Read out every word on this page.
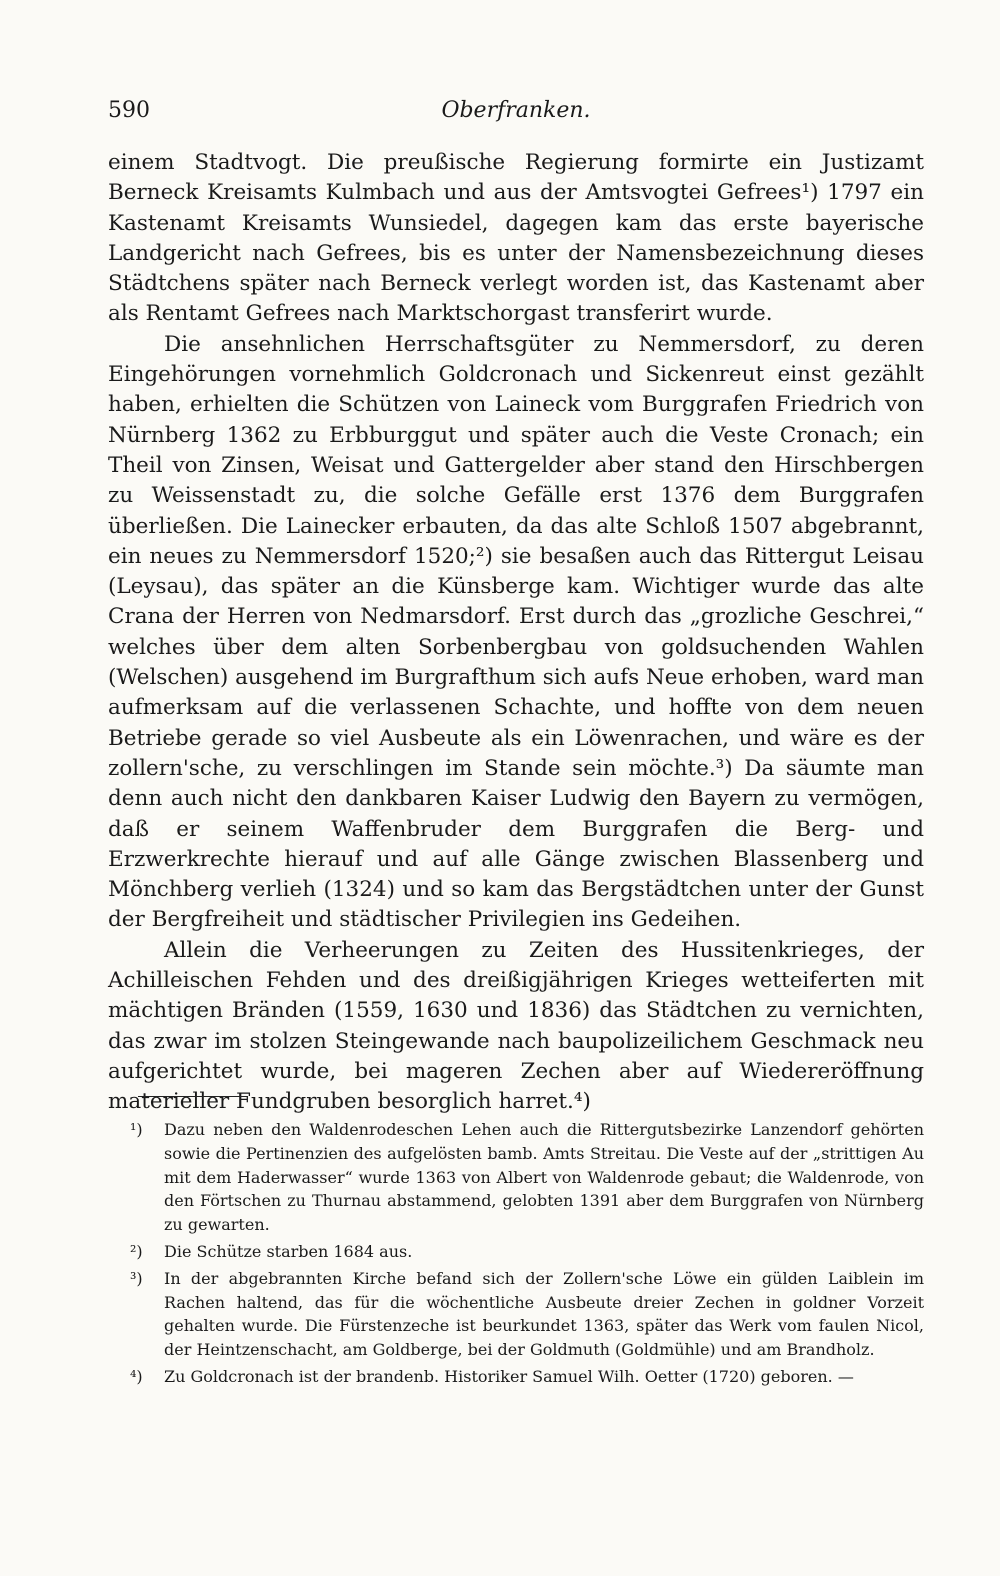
590	Oberfranken.

einem Stadtvogt. Die preußische Regierung formirte ein Justizamt Berneck Kreisamts Kulmbach und aus der Amtsvogtei Gefrees¹) 1797 ein Kastenamt Kreisamts Wunsiedel, dagegen kam das erste bayerische Landgericht nach Gefrees, bis es unter der Namensbezeichnung dieses Städtchens später nach Berneck verlegt worden ist, das Kastenamt aber als Rentamt Gefrees nach Marktschorgast transferirt wurde.

Die ansehnlichen Herrschaftsgüter zu Nemmersdorf, zu deren Eingehörungen vornehmlich Goldcronach und Sickenreut einst gezählt haben, erhielten die Schützen von Laineck vom Burggrafen Friedrich von Nürnberg 1362 zu Erbburggut und später auch die Veste Cronach; ein Theil von Zinsen, Weisat und Gattergelder aber stand den Hirschbergen zu Weissenstadt zu, die solche Gefälle erst 1376 dem Burggrafen überließen. Die Lainecker erbauten, da das alte Schloß 1507 abgebrannt, ein neues zu Nemmersdorf 1520;²) sie besaßen auch das Rittergut Leisau (Leysau), das später an die Künsberge kam. Wichtiger wurde das alte Crana der Herren von Nedmarsdorf. Erst durch das „grozliche Geschrei,“ welches über dem alten Sorbenbergbau von goldsuchenden Wahlen (Welschen) ausgehend im Burgrafthum sich aufs Neue erhoben, ward man aufmerksam auf die verlassenen Schachte, und hoffte von dem neuen Betriebe gerade so viel Ausbeute als ein Löwenrachen, und wäre es der zollern'sche, zu verschlingen im Stande sein möchte.³) Da säumte man denn auch nicht den dankbaren Kaiser Ludwig den Bayern zu vermögen, daß er seinem Waffenbruder dem Burggrafen die Berg- und Erzwerkrechte hierauf und auf alle Gänge zwischen Blassenberg und Mönchberg verlieh (1324) und so kam das Bergstädtchen unter der Gunst der Bergfreiheit und städtischer Privilegien ins Gedeihen.

Allein die Verheerungen zu Zeiten des Hussitenkrieges, der Achilleischen Fehden und des dreißigjährigen Krieges wetteiferten mit mächtigen Bränden (1559, 1630 und 1836) das Städtchen zu vernichten, das zwar im stolzen Steingewande nach baupolizeilichem Geschmack neu aufgerichtet wurde, bei mageren Zechen aber auf Wiedereröffnung materieller Fundgruben besorglich harret.⁴)

¹) Dazu neben den Waldenrodeschen Lehen auch die Rittergutsbezirke Lanzendorf gehörten sowie die Pertinenzien des aufgelösten bamb. Amts Streitau. Die Veste auf der „strittigen Au mit dem Haderwasser“ wurde 1363 von Albert von Waldenrode gebaut; die Waldenrode, von den Förtschen zu Thurnau abstammend, gelobten 1391 aber dem Burggrafen von Nürnberg zu gewarten.
²) Die Schütze starben 1684 aus.
³) In der abgebrannten Kirche befand sich der Zollern'sche Löwe ein gülden Laiblein im Rachen haltend, das für die wöchentliche Ausbeute dreier Zechen in goldner Vorzeit gehalten wurde. Die Fürstenzeche ist beurkundet 1363, später das Werk vom faulen Nicol, der Heintzenschacht, am Goldberge, bei der Goldmuth (Goldmühle) und am Brandholz.
⁴) Zu Goldcronach ist der brandenb. Historiker Samuel Wilh. Oetter (1720) geboren. —
